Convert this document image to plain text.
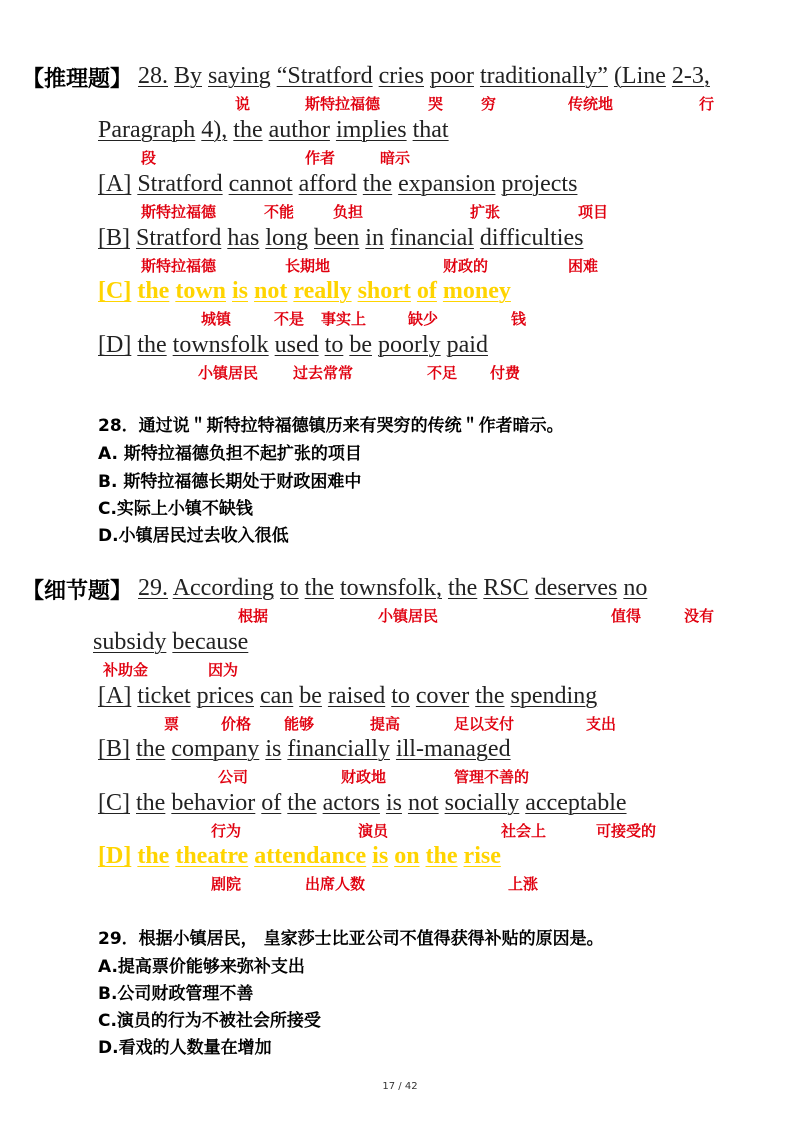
【推理题】 28. By saying “Stratford cries poor traditionally” (Line 2-3,
说	斯特拉福德	哭	穷	传统地	行
Paragraph 4), the author implies that
段	作者	暗示
[A] Stratford cannot afford the expansion projects
斯特拉福德	不能	负担	扩张	项目
[B] Stratford has long been in financial difficulties
斯特拉福德	长期地	财政的	困难
[C] the town is not really short of money
城镇	不是 事实上	缺少	钱
[D] the townsfolk used to be poorly paid
小镇居民 过去常常	不足 付费
28．通过说＂斯特拉特福德镇历来有哭穷的传统＂作者暗示。
A. 斯特拉福德负担不起扩张的项目
B. 斯特拉福德长期处于财政困难中
C.实际上小镇不缺钱
D.小镇居民过去收入很低
【细节题】 29. According to the townsfolk, the RSC deserves no
根据	小镇居民	值得	没有
subsidy because
补助金	因为
[A] ticket prices can be raised to cover the spending
票	价格 能够	提高	足以支付	支出
[B] the company is financially ill-managed
公司	财政地	管理不善的
[C] the behavior of the actors is not socially acceptable
行为	演员	社会上	可接受的
[D] the theatre attendance is on the rise
剧院	出席人数	上涨
29．根据小镇居民， 皇家莎士比亚公司不值得获得补贴的原因是。
A.提高票价能够来弥补支出
B.公司财政管理不善
C.演员的行为不被社会所接受
D.看戏的人数量在增加
17 / 42
